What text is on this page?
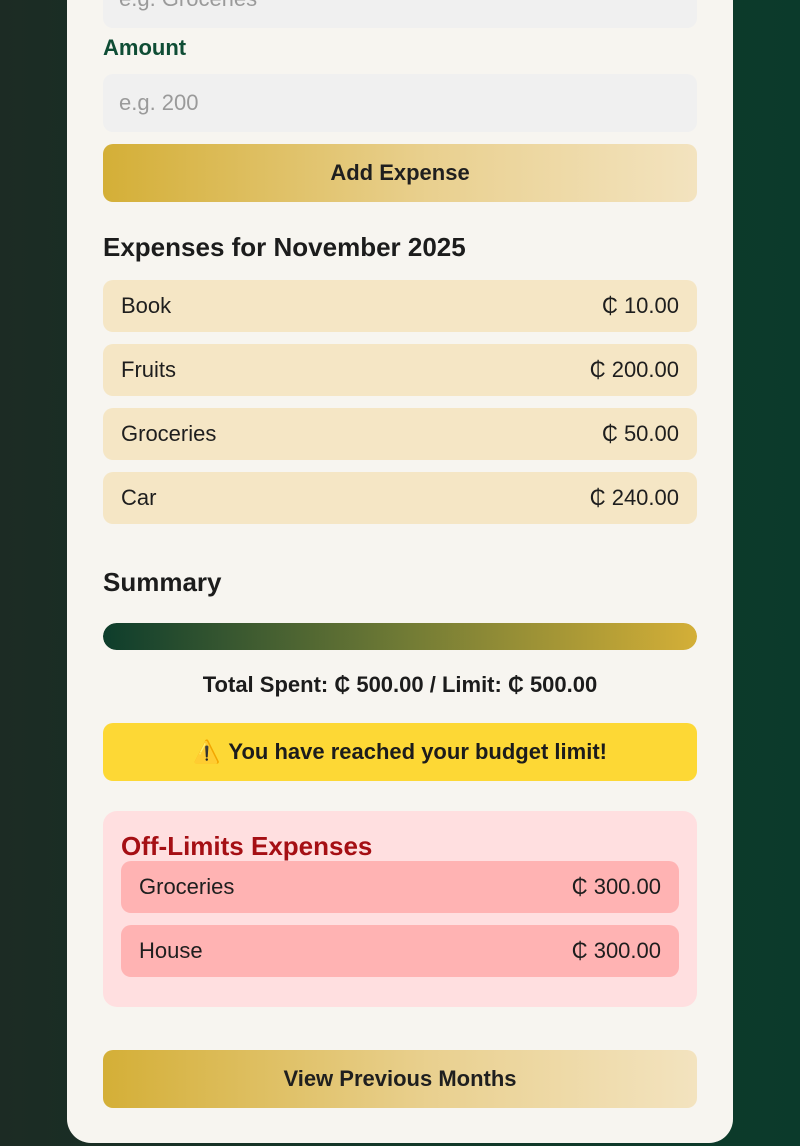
e.g. Groceries
Amount
e.g. 200
Add Expense
Expenses for November 2025
Book	₵ 10.00
Fruits	₵ 200.00
Groceries	₵ 50.00
Car	₵ 240.00
Summary
Total Spent: ₵ 500.00 / Limit: ₵ 500.00
⚠️ You have reached your budget limit!
Off-Limits Expenses
Groceries	₵ 300.00
House	₵ 300.00
View Previous Months
